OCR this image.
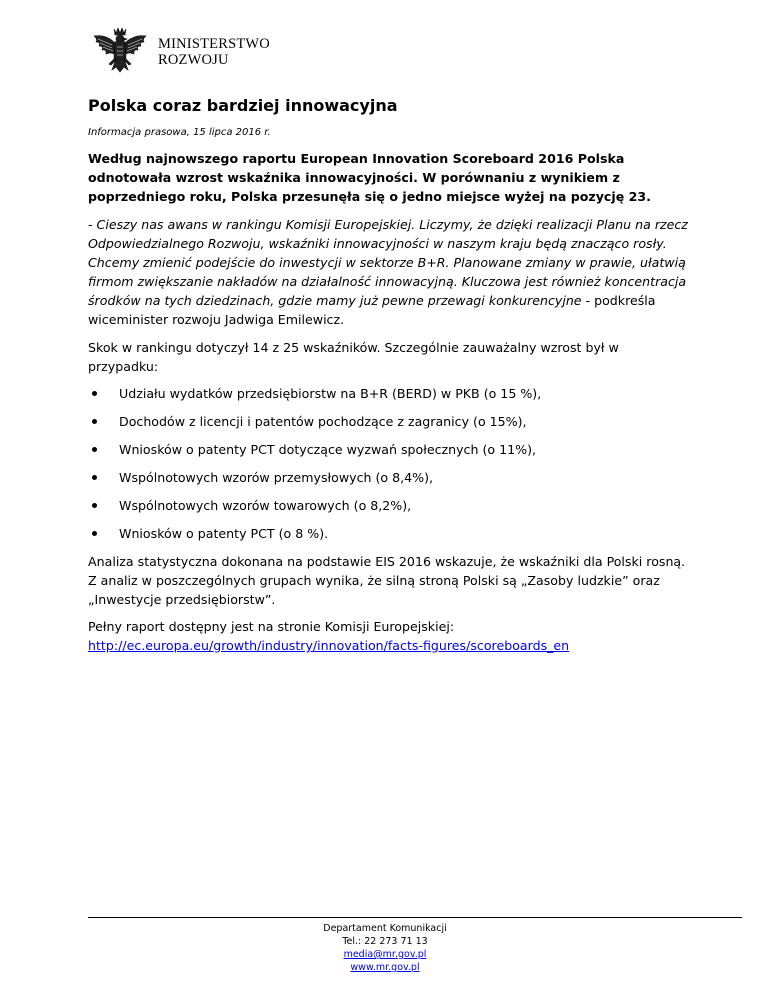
MINISTERSTWO
ROZWOJU
Polska coraz bardziej innowacyjna
Informacja prasowa, 15 lipca 2016 r.
Według najnowszego raportu European Innovation Scoreboard 2016 Polska odnotowała wzrost wskaźnika innowacyjności. W porównaniu z wynikiem z poprzedniego roku, Polska przesunęła się o jedno miejsce wyżej na pozycję 23.
- Cieszy nas awans w rankingu Komisji Europejskiej. Liczymy, że dzięki realizacji Planu na rzecz Odpowiedzialnego Rozwoju, wskaźniki innowacyjności w naszym kraju będą znacząco rosły. Chcemy zmienić podejście do inwestycji w sektorze B+R. Planowane zmiany w prawie, ułatwią firmom zwiększanie nakładów na działalność innowacyjną. Kluczowa jest również koncentracja środków na tych dziedzinach, gdzie mamy już pewne przewagi konkurencyjne - podkreśla wiceminister rozwoju Jadwiga Emilewicz.
Skok w rankingu dotyczył 14 z 25 wskaźników. Szczególnie zauważalny wzrost był w przypadku:
Udziału wydatków przedsiębiorstw na B+R (BERD) w PKB (o 15 %),
Dochodów z licencji i patentów pochodzące z zagranicy (o 15%),
Wniosków o patenty PCT dotyczące wyzwań społecznych (o 11%),
Wspólnotowych wzorów przemysłowych (o 8,4%),
Wspólnotowych wzorów towarowych (o 8,2%),
Wniosków o patenty PCT (o 8 %).
Analiza statystyczna dokonana na podstawie EIS 2016 wskazuje, że wskaźniki dla Polski rosną. Z analiz w poszczególnych grupach wynika, że silną stroną Polski są „Zasoby ludzkie” oraz „Inwestycje przedsiębiorstw”.
Pełny raport dostępny jest na stronie Komisji Europejskiej: http://ec.europa.eu/growth/industry/innovation/facts-figures/scoreboards_en
Departament Komunikacji
Tel.: 22 273 71 13
media@mr.gov.pl
www.mr.gov.pl
